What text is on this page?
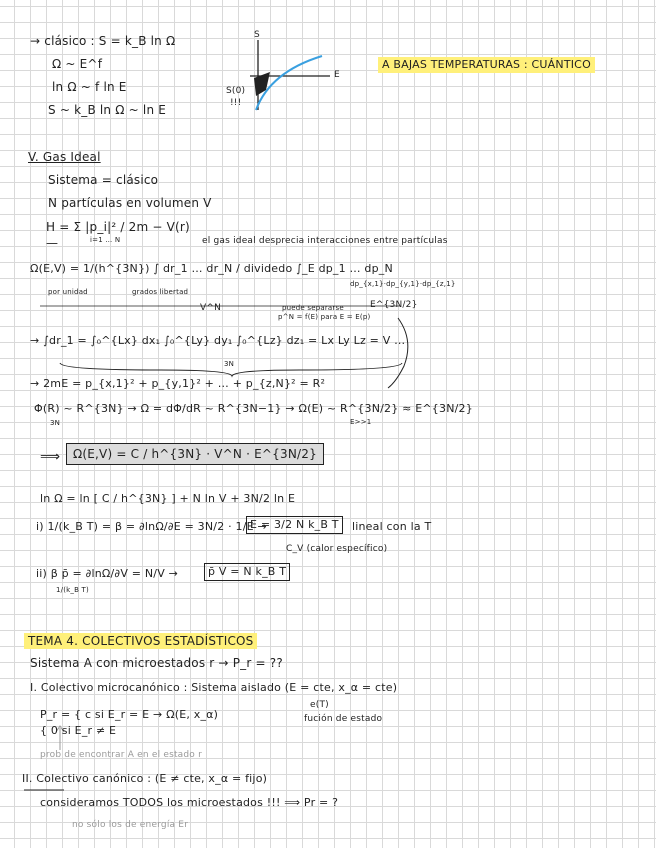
→ clásico : S = k_B ln Ω
Ω ~ E^f
ln Ω ~ f ln E
S ~ k_B ln Ω ~ ln E
S
E
S(0)
!!!
A BAJAS TEMPERATURAS : CUÁNTICO
V. Gas Ideal
Sistema = clásico
N partículas en volumen V
H = Σ |p_i|² / 2m − V(r)
i=1 … N
—	el gas ideal desprecia interacciones entre partículas
Ω(E,V) = 1/(h^{3N}) ∫ dr_1 … dr_N / dividedo ∫_E dp_1 … dp_N
por unidad	grados libertad
dp_{x,1}·dp_{y,1}·dp_{z,1}
V^N	puede separarse
p^N = f(E) para E = E(p)
E^{3N/2}
→ ∫dr_1 = ∫₀^{Lx} dx₁ ∫₀^{Ly} dy₁ ∫₀^{Lz} dz₁ = Lx Ly Lz = V …
3N
→ 2mE = p_{x,1}² + p_{y,1}² + … + p_{z,N}² = R²
Φ(R) ~ R^{3N} → Ω = dΦ/dR ~ R^{3N−1} → Ω(E) ~ R^{3N/2} ≈ E^{3N/2}
3N	E>>1
⟹	Ω(E,V) = C / h^{3N} · V^N · E^{3N/2}
ln Ω = ln [ C / h^{3N} ] + N ln V + 3N/2 ln E
i) 1/(k_B T) = β = ∂lnΩ/∂E = 3N/2 · 1/E →
E = 3/2 N k_B T	lineal con la T
C_V (calor específico)
ii) β p̄ = ∂lnΩ/∂V = N/V →	p̄ V = N k_B T
1/(k_B T)
TEMA 4. COLECTIVOS ESTADÍSTICOS
Sistema A con microestados r → P_r = ??
I. Colectivo microcanónico : Sistema aislado (E = cte, x_α = cte)
P_r = { c si E_r = E → Ω(E, x_α)
{ 0 si E_r ≠ E
e(T)
fución de estado
prob de encontrar A en el estado r
II. Colectivo canónico : (E ≠ cte, x_α = fijo)
consideramos TODOS los microestados !!! ⟹ Pr = ?
no sólo los de energía Er
